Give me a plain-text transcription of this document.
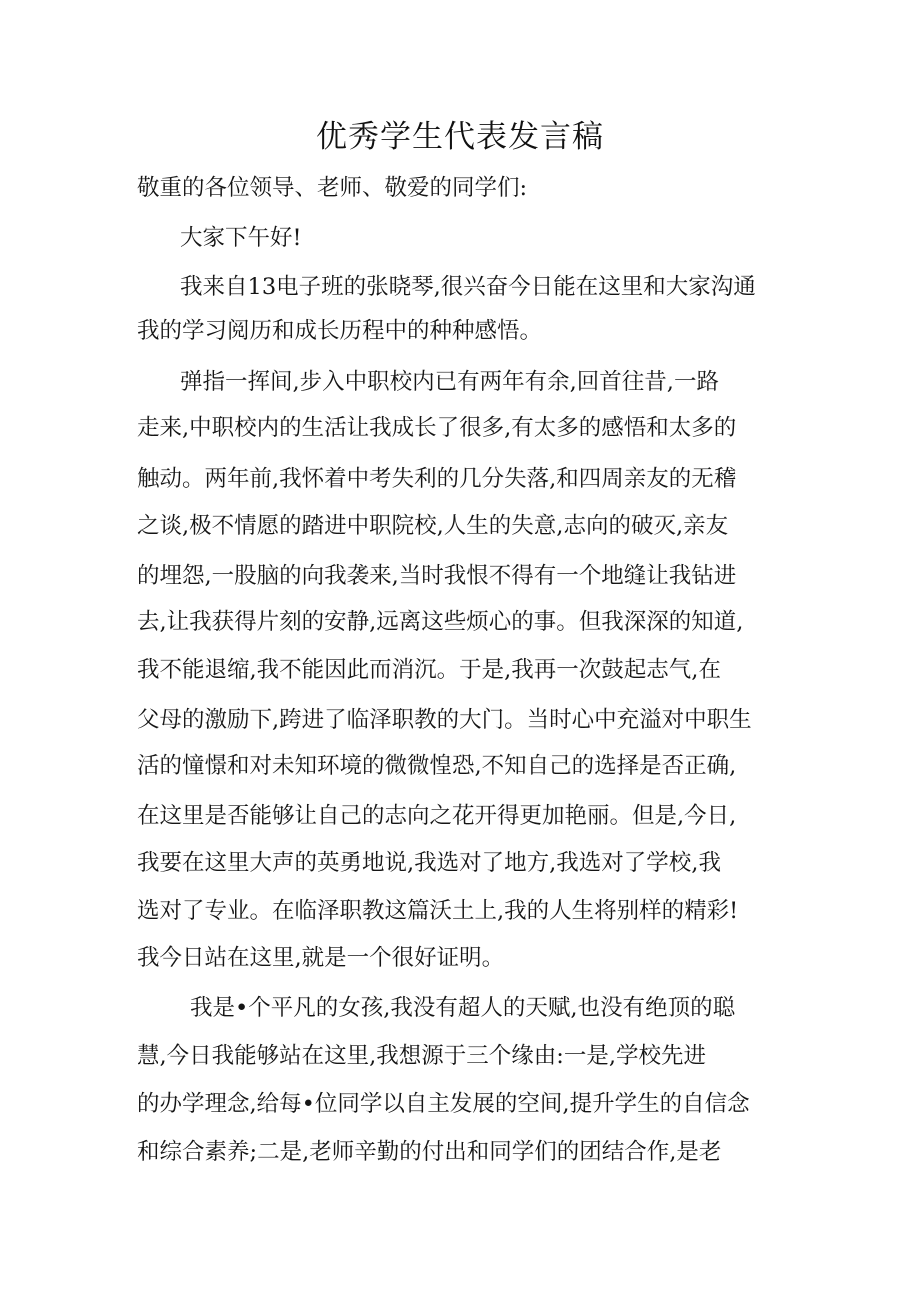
优秀学生代表发言稿
敬重的各位领导、老师、敬爱的同学们:
大家下午好!
我来自13电子班的张晓琴,很兴奋今日能在这里和大家沟通
我的学习阅历和成长历程中的种种感悟。
弹指一挥间,步入中职校内已有两年有余,回首往昔,一路
走来,中职校内的生活让我成长了很多,有太多的感悟和太多的
触动。两年前,我怀着中考失利的几分失落,和四周亲友的无稽
之谈,极不情愿的踏进中职院校,人生的失意,志向的破灭,亲友
的埋怨,一股脑的向我袭来,当时我恨不得有一个地缝让我钻进
去,让我获得片刻的安静,远离这些烦心的事。但我深深的知道,
我不能退缩,我不能因此而消沉。于是,我再一次鼓起志气,在
父母的激励下,跨进了临泽职教的大门。当时心中充溢对中职生
活的憧憬和对未知环境的微微惶恐,不知自己的选择是否正确,
在这里是否能够让自己的志向之花开得更加艳丽。但是,今日,
我要在这里大声的英勇地说,我选对了地方,我选对了学校,我
选对了专业。在临泽职教这篇沃土上,我的人生将别样的精彩!
我今日站在这里,就是一个很好证明。
我是•个平凡的女孩,我没有超人的天赋,也没有绝顶的聪
慧,今日我能够站在这里,我想源于三个缘由:一是,学校先进
的办学理念,给每•位同学以自主发展的空间,提升学生的自信念
和综合素养;二是,老师辛勤的付出和同学们的团结合作,是老
